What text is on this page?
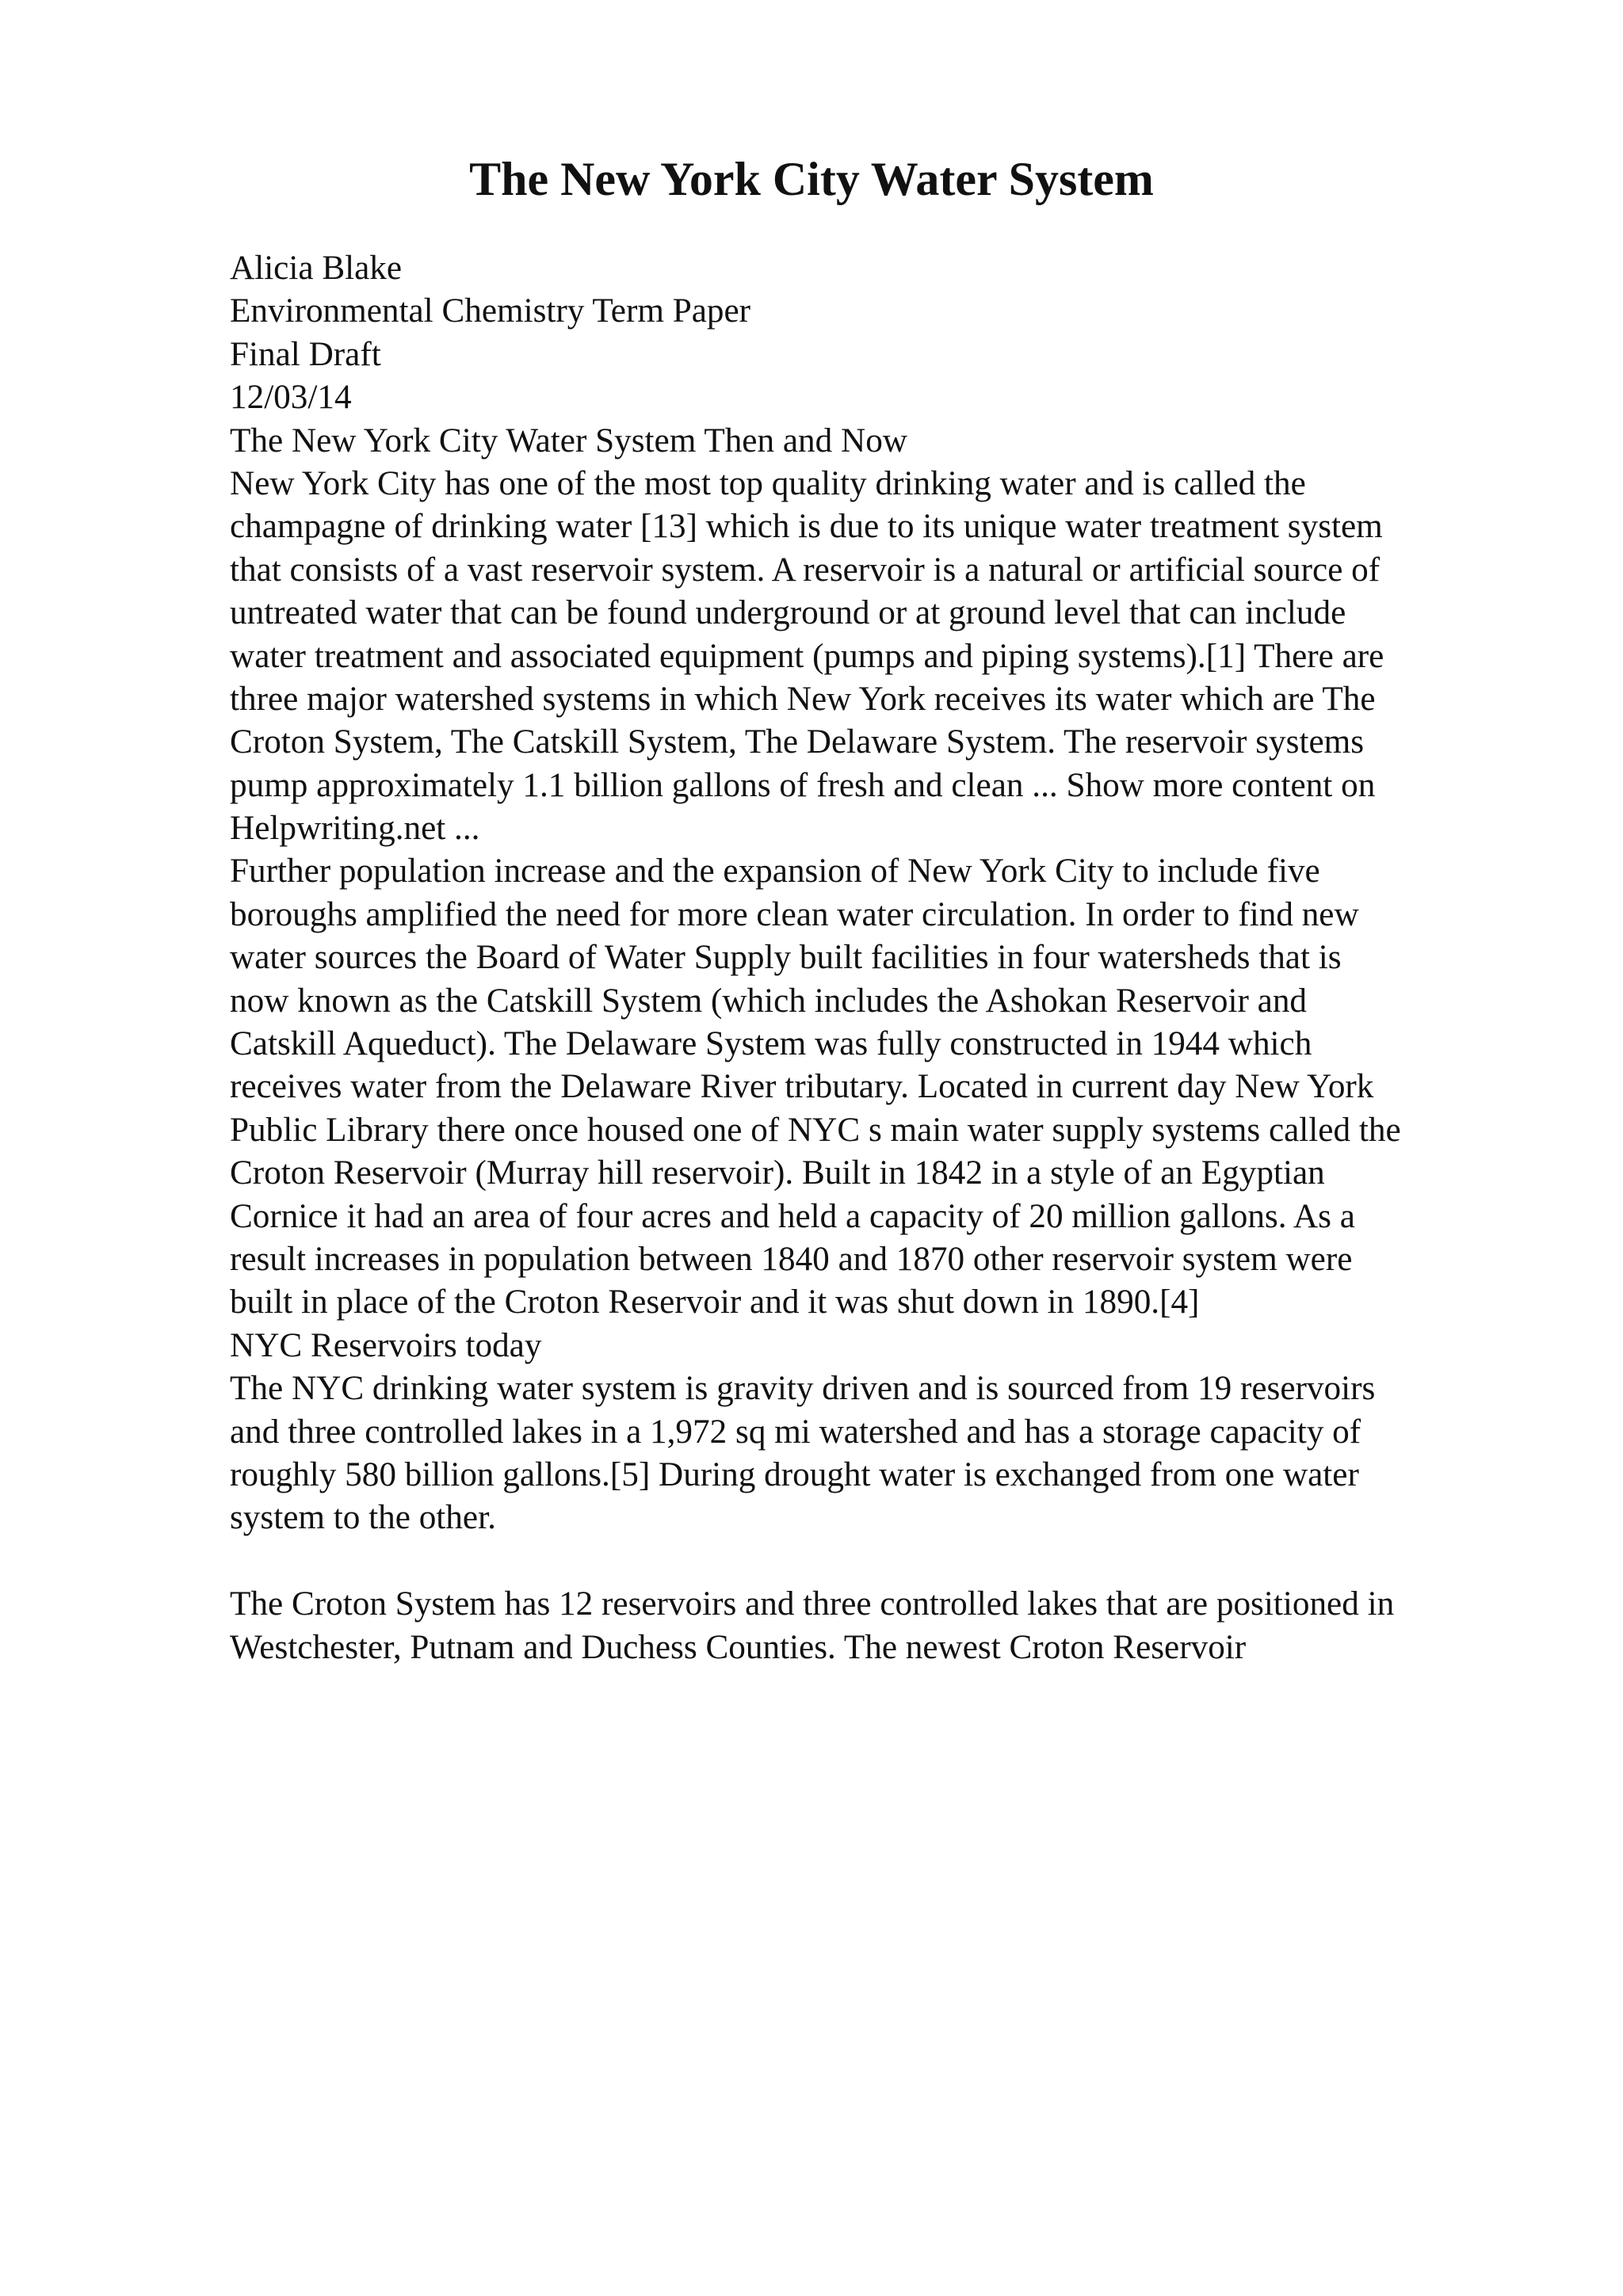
The New York City Water System
Alicia Blake
Environmental Chemistry Term Paper
Final Draft
12/03/14
The New York City Water System Then and Now
New York City has one of the most top quality drinking water and is called the
champagne of drinking water [13] which is due to its unique water treatment system
that consists of a vast reservoir system. A reservoir is a natural or artificial source of
untreated water that can be found underground or at ground level that can include
water treatment and associated equipment (pumps and piping systems).[1] There are
three major watershed systems in which New York receives its water which are The
Croton System, The Catskill System, The Delaware System. The reservoir systems
pump approximately 1.1 billion gallons of fresh and clean ... Show more content on
Helpwriting.net ...
Further population increase and the expansion of New York City to include five
boroughs amplified the need for more clean water circulation. In order to find new
water sources the Board of Water Supply built facilities in four watersheds that is
now known as the Catskill System (which includes the Ashokan Reservoir and
Catskill Aqueduct). The Delaware System was fully constructed in 1944 which
receives water from the Delaware River tributary. Located in current day New York
Public Library there once housed one of NYC s main water supply systems called the
Croton Reservoir (Murray hill reservoir). Built in 1842 in a style of an Egyptian
Cornice it had an area of four acres and held a capacity of 20 million gallons. As a
result increases in population between 1840 and 1870 other reservoir system were
built in place of the Croton Reservoir and it was shut down in 1890.[4]
NYC Reservoirs today
The NYC drinking water system is gravity driven and is sourced from 19 reservoirs
and three controlled lakes in a 1,972 sq mi watershed and has a storage capacity of
roughly 580 billion gallons.[5] During drought water is exchanged from one water
system to the other.
The Croton System has 12 reservoirs and three controlled lakes that are positioned in
Westchester, Putnam and Duchess Counties. The newest Croton Reservoir
